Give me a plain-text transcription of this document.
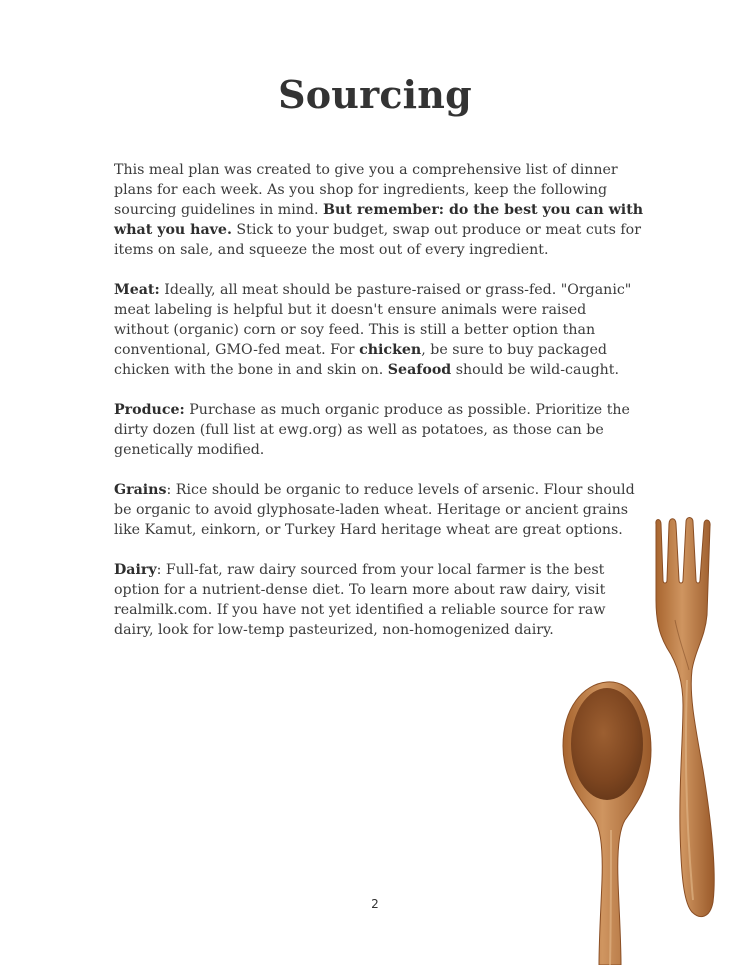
Sourcing

This meal plan was created to give you a comprehensive list of dinner plans for each week. As you shop for ingredients, keep the following sourcing guidelines in mind. But remember: do the best you can with what you have. Stick to your budget, swap out produce or meat cuts for items on sale, and squeeze the most out of every ingredient.

Meat: Ideally, all meat should be pasture-raised or grass-fed. "Organic" meat labeling is helpful but it doesn't ensure animals were raised without (organic) corn or soy feed. This is still a better option than conventional, GMO-fed meat. For chicken, be sure to buy packaged chicken with the bone in and skin on. Seafood should be wild-caught.

Produce: Purchase as much organic produce as possible. Prioritize the dirty dozen (full list at ewg.org) as well as potatoes, as those can be genetically modified.

Grains: Rice should be organic to reduce levels of arsenic. Flour should be organic to avoid glyphosate-laden wheat. Heritage or ancient grains like Kamut, einkorn, or Turkey Hard heritage wheat are great options.

Dairy: Full-fat, raw dairy sourced from your local farmer is the best option for a nutrient-dense diet. To learn more about raw dairy, visit realmilk.com. If you have not yet identified a reliable source for raw dairy, look for low-temp pasteurized, non-homogenized dairy.

2
